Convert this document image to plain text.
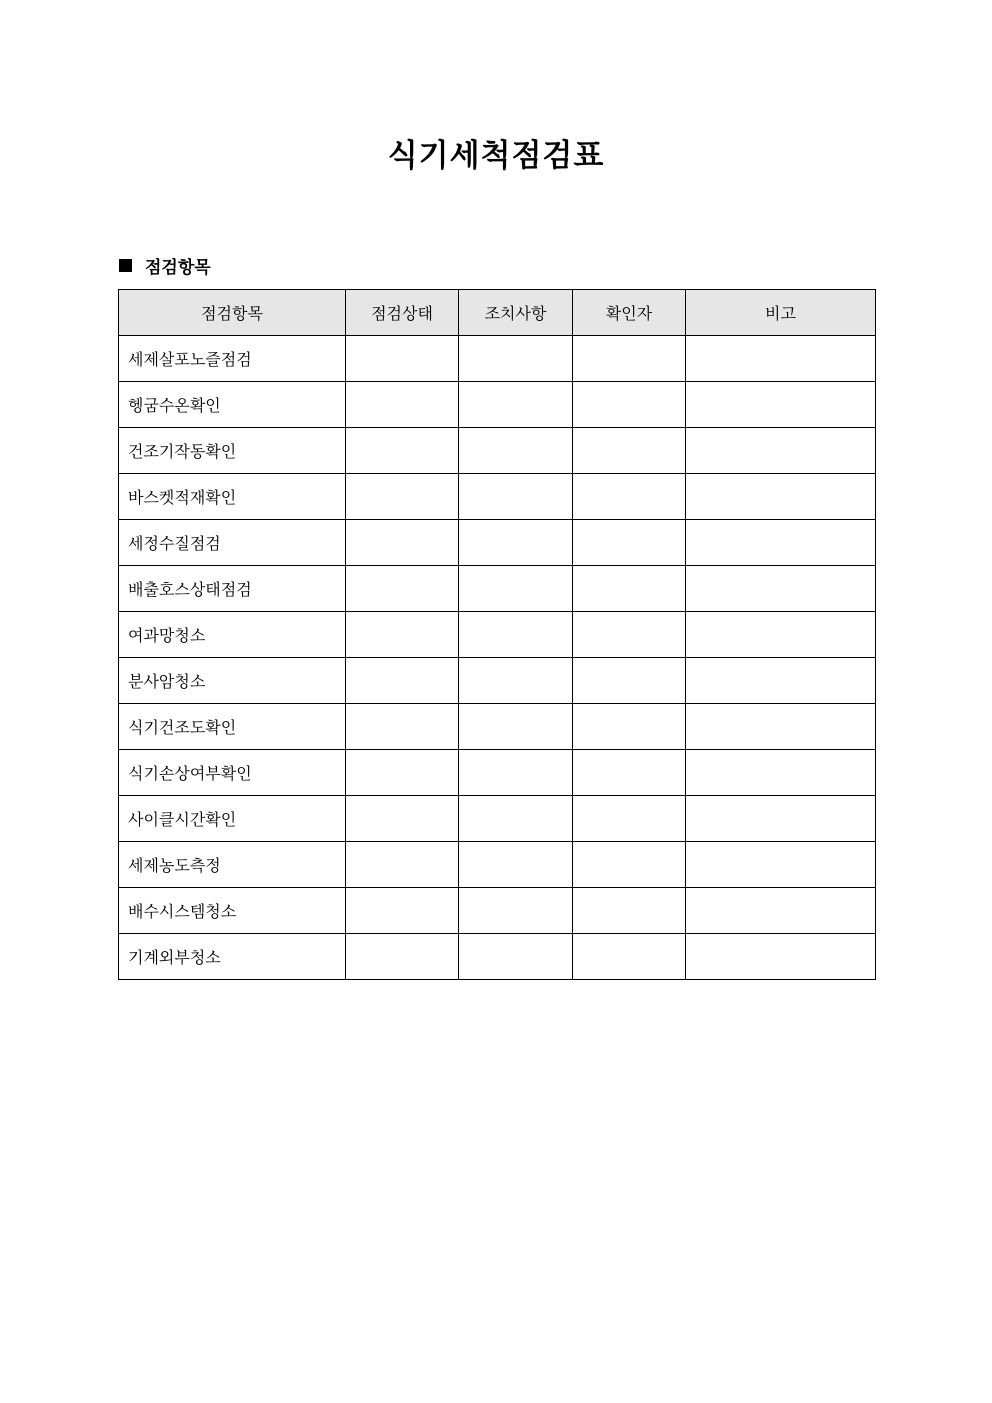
식기세척점검표
점검항목
점검항목	점검상태	조치사항	확인자	비고
세제살포노즐점검				
헹굼수온확인				
건조기작동확인				
바스켓적재확인				
세정수질점검				
배출호스상태점검				
여과망청소				
분사암청소				
식기건조도확인				
식기손상여부확인				
사이클시간확인				
세제농도측정				
배수시스템청소				
기계외부청소				
